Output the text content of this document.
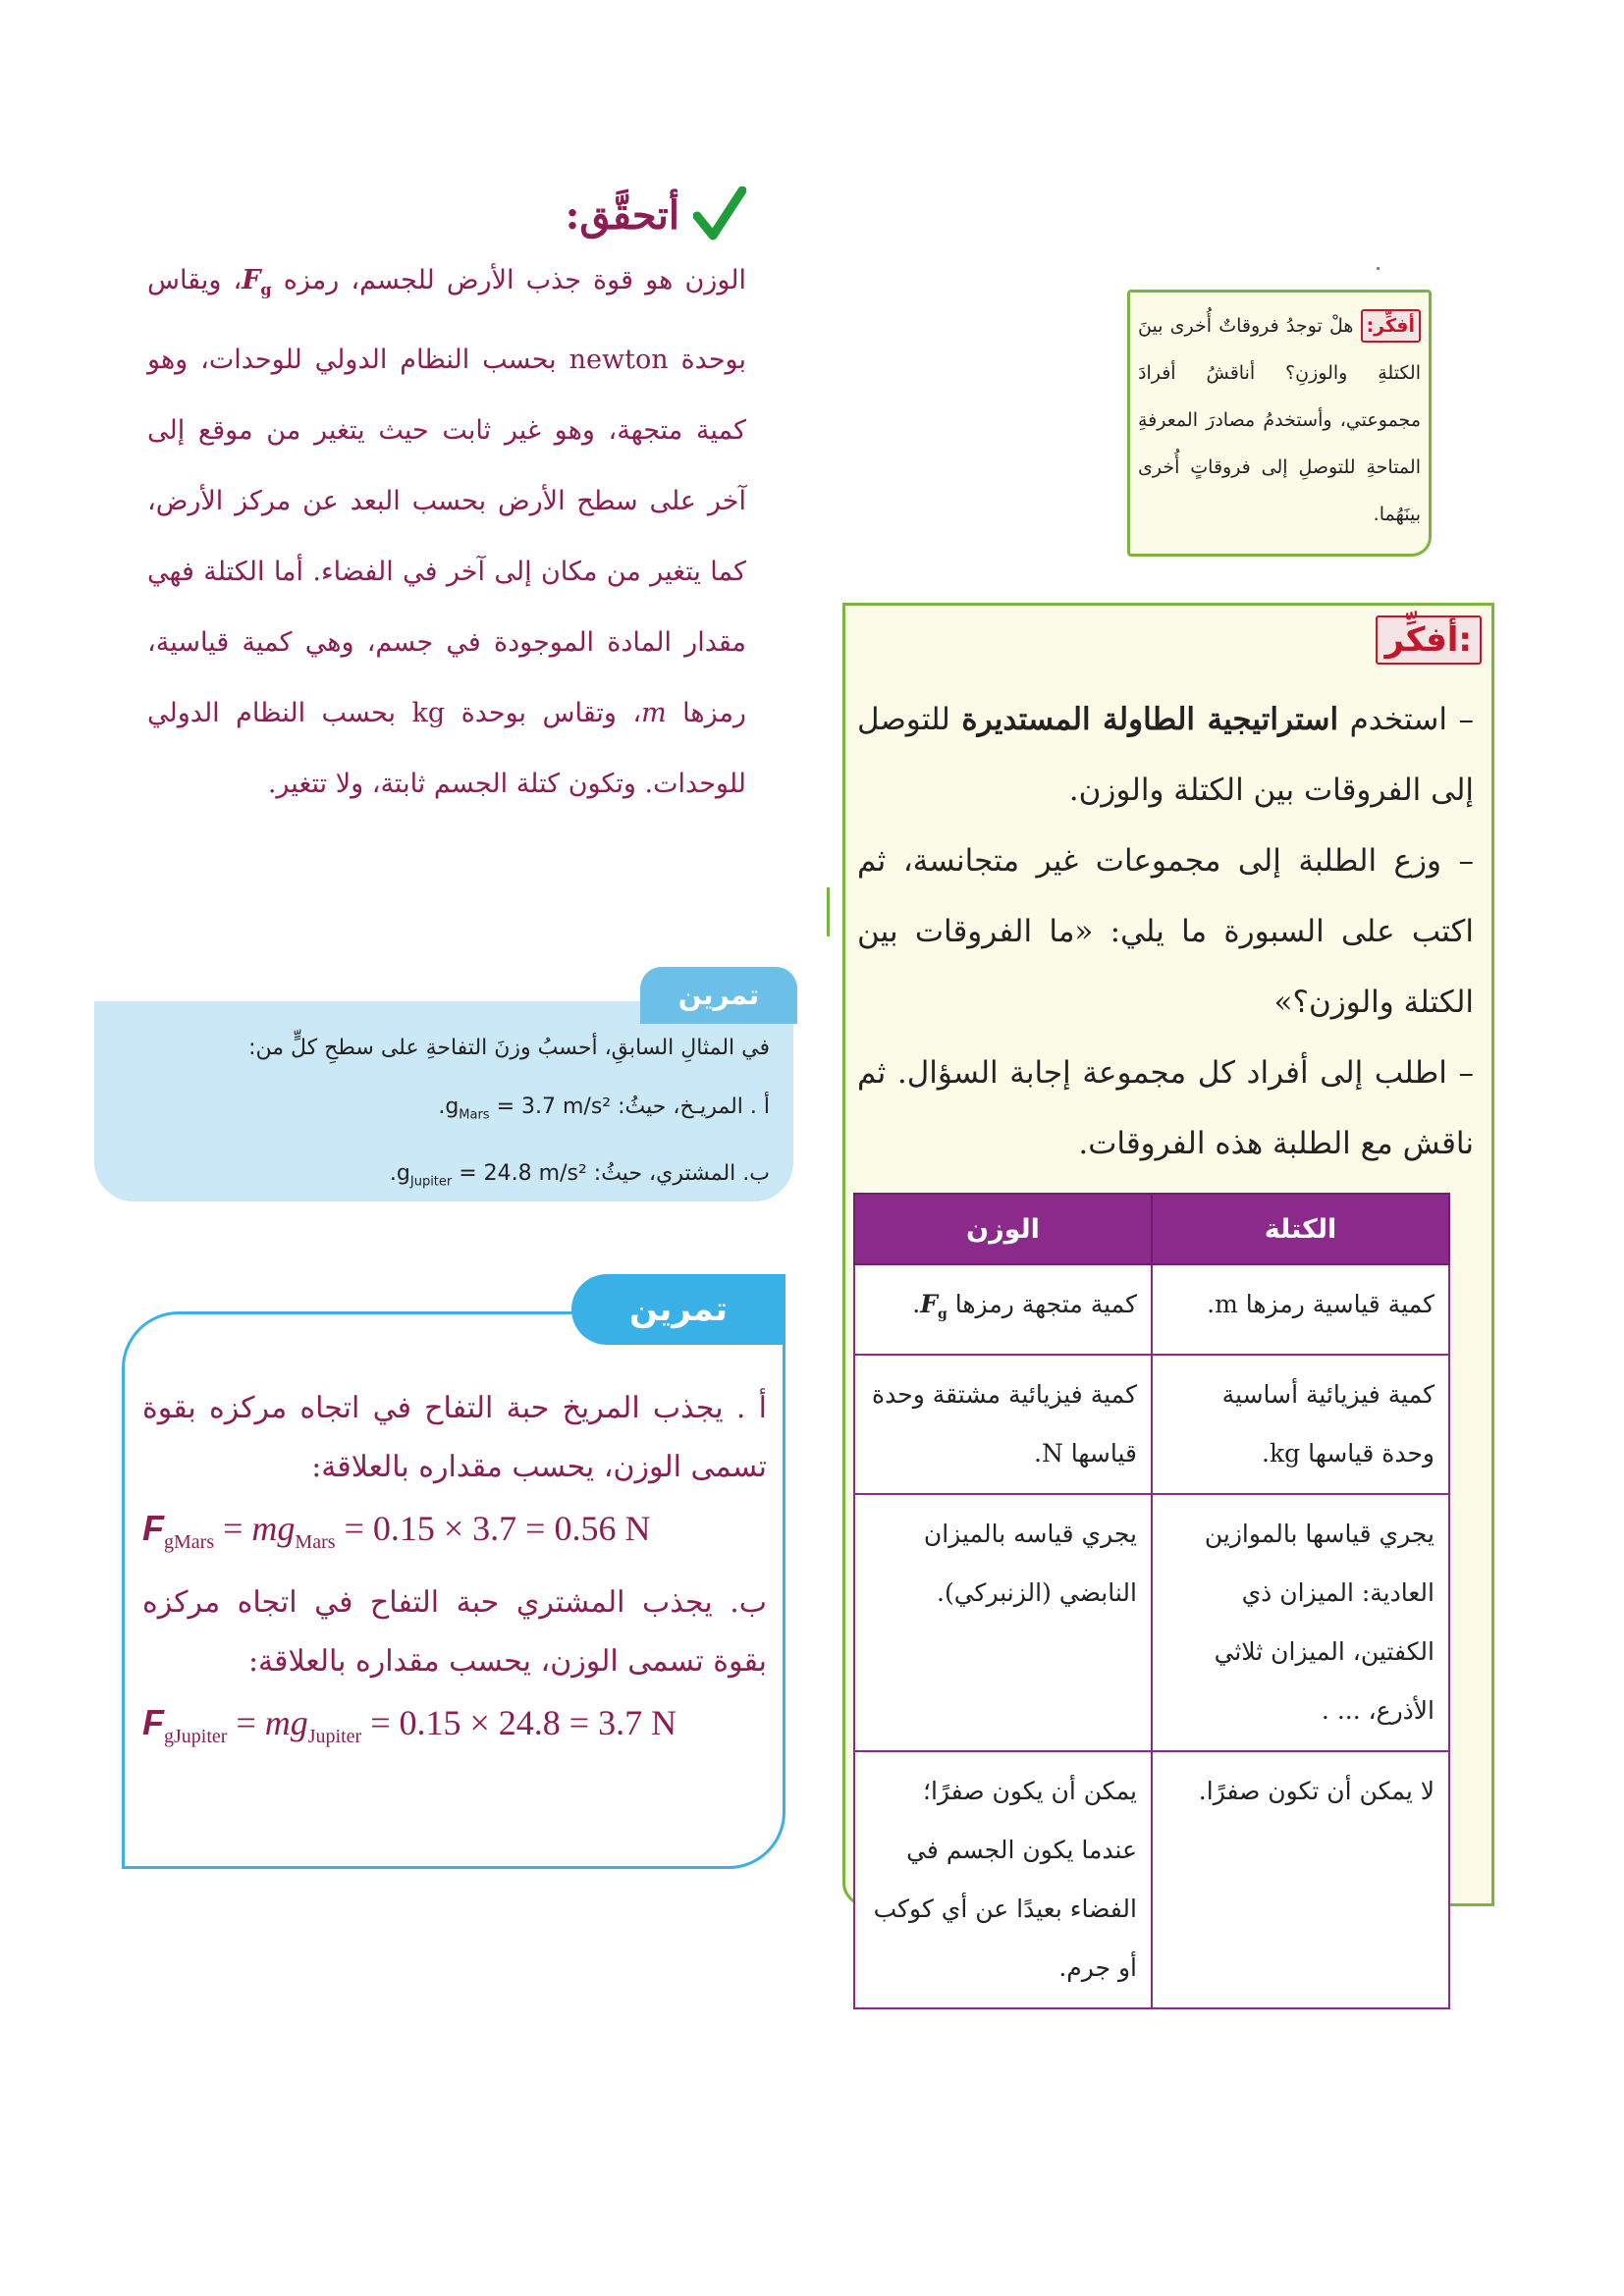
أتحقَّق:
الوزن هو قوة جذب الأرض للجسم، رمزه $F_g،$ ويقاس بوحدة newton بحسب النظام الدولي للوحدات، وهو كمية متجهة، وهو غير ثابت حيث يتغير من موقع إلى آخر على سطح الأرض بحسب البعد عن مركز الأرض، كما يتغير من مكان إلى آخر في الفضاء. أما الكتلة فهي مقدار المادة الموجودة في جسم، وهي كمية قياسية، رمزها m، وتقاس بوحدة kg بحسب النظام الدولي للوحدات. وتكون كتلة الجسم ثابتة، ولا تتغير.
أفكِّر: هلْ توجدُ فروقاتٌ أُخرى بينَ الكتلةِ والوزنِ؟ أناقشُ أفرادَ مجموعتي، وأستخدمُ مصادرَ المعرفةِ المتاحةِ للتوصلِ إلى فروقاتٍ أُخرى بينَهُما.
أفكِّر:

– استخدم استراتيجية الطاولة المستديرة للتوصل إلى الفروقات بين الكتلة والوزن.

– وزع الطلبة إلى مجموعات غير متجانسة، ثم اكتب على السبورة ما يلي: «ما الفروقات بين الكتلة والوزن؟»

– اطلب إلى أفراد كل مجموعة إجابة السؤال. ثم ناقش مع الطلبة هذه الفروقات.

الكتلة	الوزن
كمية قياسية رمزها m.	كمية متجهة رمزها $F_g$.
كمية فيزيائية أساسية وحدة قياسها kg.	كمية فيزيائية مشتقة وحدة قياسها N.
يجري قياسها بالموازين العادية: الميزان ذي الكفتين، الميزان ثلاثي الأذرع، ... .	يجري قياسه بالميزان النابضي (الزنبركي).
لا يمكن أن تكون صفرًا.	يمكن أن يكون صفرًا؛ عندما يكون الجسم في الفضاء بعيدًا عن أي كوكب أو جرم.
في المثالِ السابقِ، أحسبُ وزنَ التفاحةِ على سطحِ كلٍّ من:
أ . المريـخ، حيثُ: $g_{Mars} = 3.7$ m/s².
ب. المشتري، حيثُ: $g_{Jupiter} = 24.8$ m/s².
تمرين

أ . يجذب المريخ حبة التفاح في اتجاه مركزه بقوة تسمى الوزن، يحسب مقداره بالعلاقة:

$F_{gMars} = mg_{Mars} = 0.15 \times 3.7 = 0.56$ N

ب. يجذب المشتري حبة التفاح في اتجاه مركزه بقوة تسمى الوزن، يحسب مقداره بالعلاقة:

$F_{gJupiter} = mg_{Jupiter} = 0.15 \times 24.8 = 3.7$ N
تمرين
